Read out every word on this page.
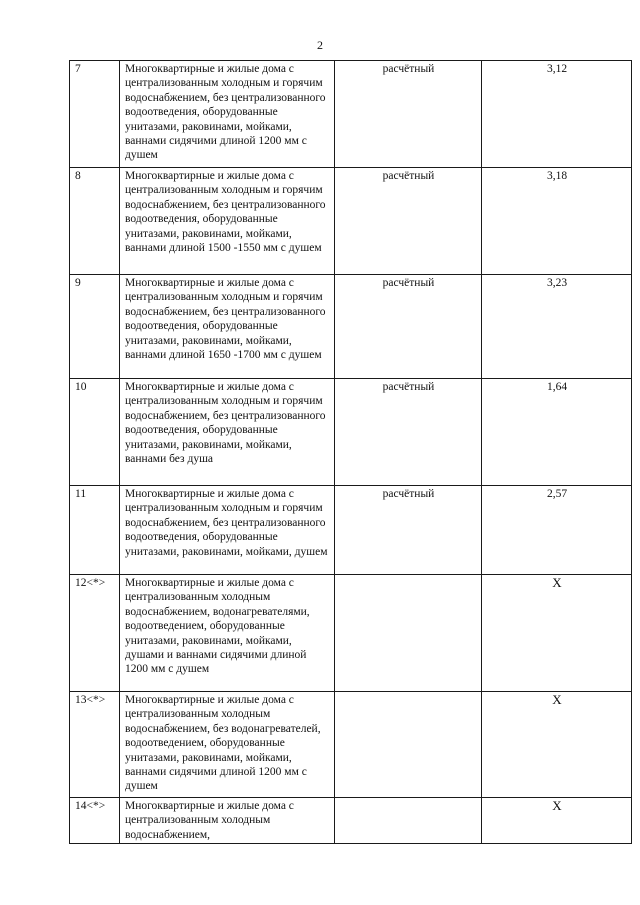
2
7	Многоквартирные и жилые дома с централизованным холодным и горячим водоснабжением, без централизованного водоотведения, оборудованные унитазами, раковинами, мойками, ваннами сидячими длиной 1200 мм с душем	расчётный	3,12
8	Многоквартирные и жилые дома с централизованным холодным и горячим водоснабжением, без централизованного водоотведения, оборудованные унитазами, раковинами, мойками, ваннами длиной 1500 -1550 мм с душем	расчётный	3,18
9	Многоквартирные и жилые дома с централизованным холодным и горячим водоснабжением, без централизованного водоотведения, оборудованные унитазами, раковинами, мойками, ваннами длиной 1650 -1700 мм с душем	расчётный	3,23
10	Многоквартирные и жилые дома с централизованным холодным и горячим водоснабжением, без централизованного водоотведения, оборудованные унитазами, раковинами, мойками, ваннами без душа	расчётный	1,64
11	Многоквартирные и жилые дома с централизованным холодным и горячим водоснабжением, без централизованного водоотведения, оборудованные унитазами, раковинами, мойками, душем	расчётный	2,57
12<*>	Многоквартирные и жилые дома с централизованным холодным водоснабжением, водонагревателями, водоотведением, оборудованные унитазами, раковинами, мойками, душами и ваннами сидячими длиной 1200 мм с душем		Х
13<*>	Многоквартирные и жилые дома с централизованным холодным водоснабжением, без водонагревателей, водоотведением, оборудованные унитазами, раковинами, мойками, ваннами сидячими длиной 1200 мм с душем		Х
14<*>	Многоквартирные и жилые дома с централизованным холодным водоснабжением,		Х
